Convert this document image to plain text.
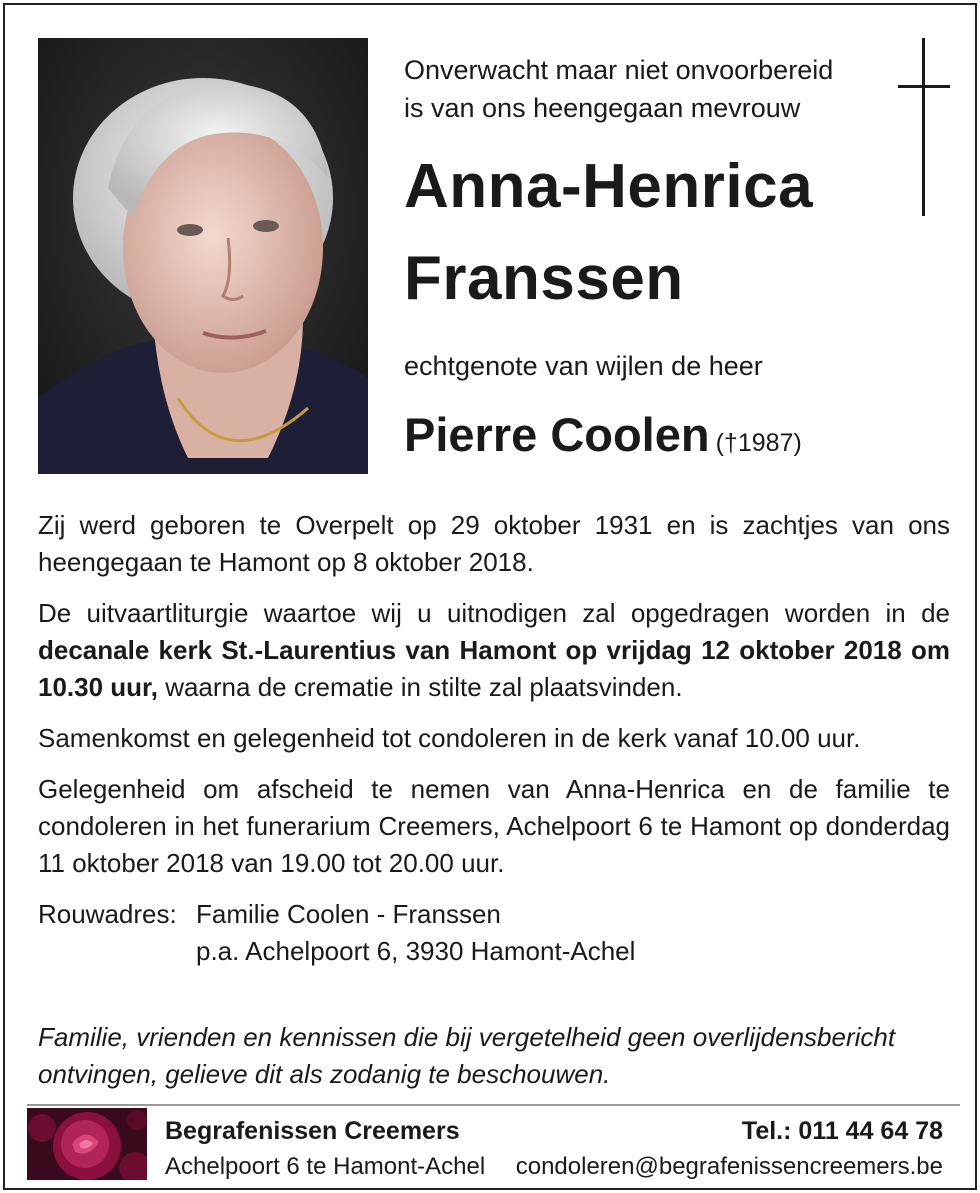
Onverwacht maar niet onvoorbereid
is van ons heengegaan mevrouw
Anna-Henrica
Franssen
echtgenote van wijlen de heer
Pierre Coolen (†1987)

Zij werd geboren te Overpelt op 29 oktober 1931 en is zachtjes van ons heengegaan te Hamont op 8 oktober 2018.

De uitvaartliturgie waartoe wij u uitnodigen zal opgedragen worden in de decanale kerk St.-Laurentius van Hamont op vrijdag 12 oktober 2018 om 10.30 uur, waarna de crematie in stilte zal plaatsvinden.

Samenkomst en gelegenheid tot condoleren in de kerk vanaf 10.00 uur.

Gelegenheid om afscheid te nemen van Anna-Henrica en de familie te condoleren in het funerarium Creemers, Achelpoort 6 te Hamont op donderdag 11 oktober 2018 van 19.00 tot 20.00 uur.

Rouwadres: Familie Coolen - Franssen
p.a. Achelpoort 6, 3930 Hamont-Achel
Familie, vrienden en kennissen die bij vergetelheid geen overlijdensbericht ontvingen, gelieve dit als zodanig te beschouwen.
Begrafenissen Creemers
Achelpoort 6 te Hamont-Achel
Tel.: 011 44 64 78
condoleren@begrafenissencreemers.be
